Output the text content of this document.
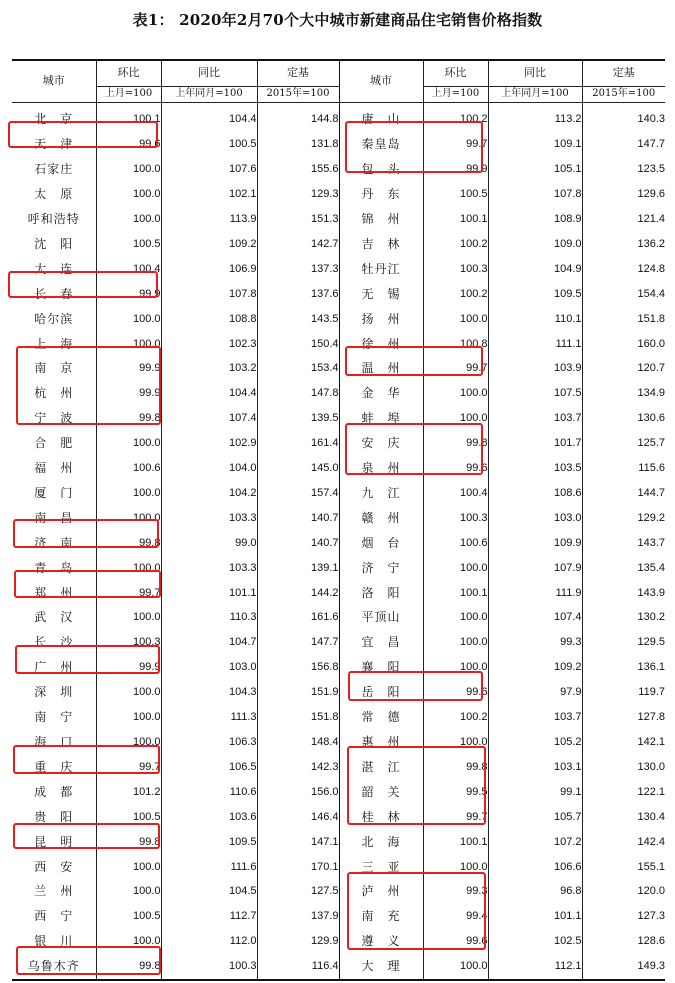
表1： 2020年2月70个大中城市新建商品住宅销售价格指数
城市	环比	同比	定基	城市	环比	同比	定基
	上月=100	上年同月=100	2015年=100		上月=100	上年同月=100	2015年=100
北　京	100.1	104.4	144.8	唐　山	100.2	113.2	140.3
天　津	99.6	100.5	131.8	秦皇岛	99.7	109.1	147.7
石家庄	100.0	107.6	155.6	包　头	99.9	105.1	123.5
太　原	100.0	102.1	129.3	丹　东	100.5	107.8	129.6
呼和浩特	100.0	113.9	151.3	锦　州	100.1	108.9	121.4
沈　阳	100.5	109.2	142.7	吉　林	100.2	109.0	136.2
大　连	100.4	106.9	137.3	牡丹江	100.3	104.9	124.8
长　春	99.9	107.8	137.6	无　锡	100.2	109.5	154.4
哈尔滨	100.0	108.8	143.5	扬　州	100.0	110.1	151.8
上　海	100.0	102.3	150.4	徐　州	100.8	111.1	160.0
南　京	99.9	103.2	153.4	温　州	99.7	103.9	120.7
杭　州	99.9	104.4	147.8	金　华	100.0	107.5	134.9
宁　波	99.8	107.4	139.5	蚌　埠	100.0	103.7	130.6
合　肥	100.0	102.9	161.4	安　庆	99.8	101.7	125.7
福　州	100.6	104.0	145.0	泉　州	99.6	103.5	115.6
厦　门	100.0	104.2	157.4	九　江	100.4	108.6	144.7
南　昌	100.0	103.3	140.7	赣　州	100.3	103.0	129.2
济　南	99.8	99.0	140.7	烟　台	100.6	109.9	143.7
青　岛	100.0	103.3	139.1	济　宁	100.0	107.9	135.4
郑　州	99.7	101.1	144.2	洛　阳	100.1	111.9	143.9
武　汉	100.0	110.3	161.6	平顶山	100.0	107.4	130.2
长　沙	100.3	104.7	147.7	宜　昌	100.0	99.3	129.5
广　州	99.9	103.0	156.8	襄　阳	100.0	109.2	136.1
深　圳	100.0	104.3	151.9	岳　阳	99.6	97.9	119.7
南　宁	100.0	111.3	151.8	常　德	100.2	103.7	127.8
海　口	100.0	106.3	148.4	惠　州	100.0	105.2	142.1
重　庆	99.7	106.5	142.3	湛　江	99.8	103.1	130.0
成　都	101.2	110.6	156.0	韶　关	99.5	99.1	122.1
贵　阳	100.5	103.6	146.4	桂　林	99.7	105.7	130.4
昆　明	99.8	109.5	147.1	北　海	100.1	107.2	142.4
西　安	100.0	111.6	170.1	三　亚	100.0	106.6	155.1
兰　州	100.0	104.5	127.5	泸　州	99.3	96.8	120.0
西　宁	100.5	112.7	137.9	南　充	99.4	101.1	127.3
银　川	100.0	112.0	129.9	遵　义	99.6	102.5	128.6
乌鲁木齐	99.8	100.3	116.4	大　理	100.0	112.1	149.3
